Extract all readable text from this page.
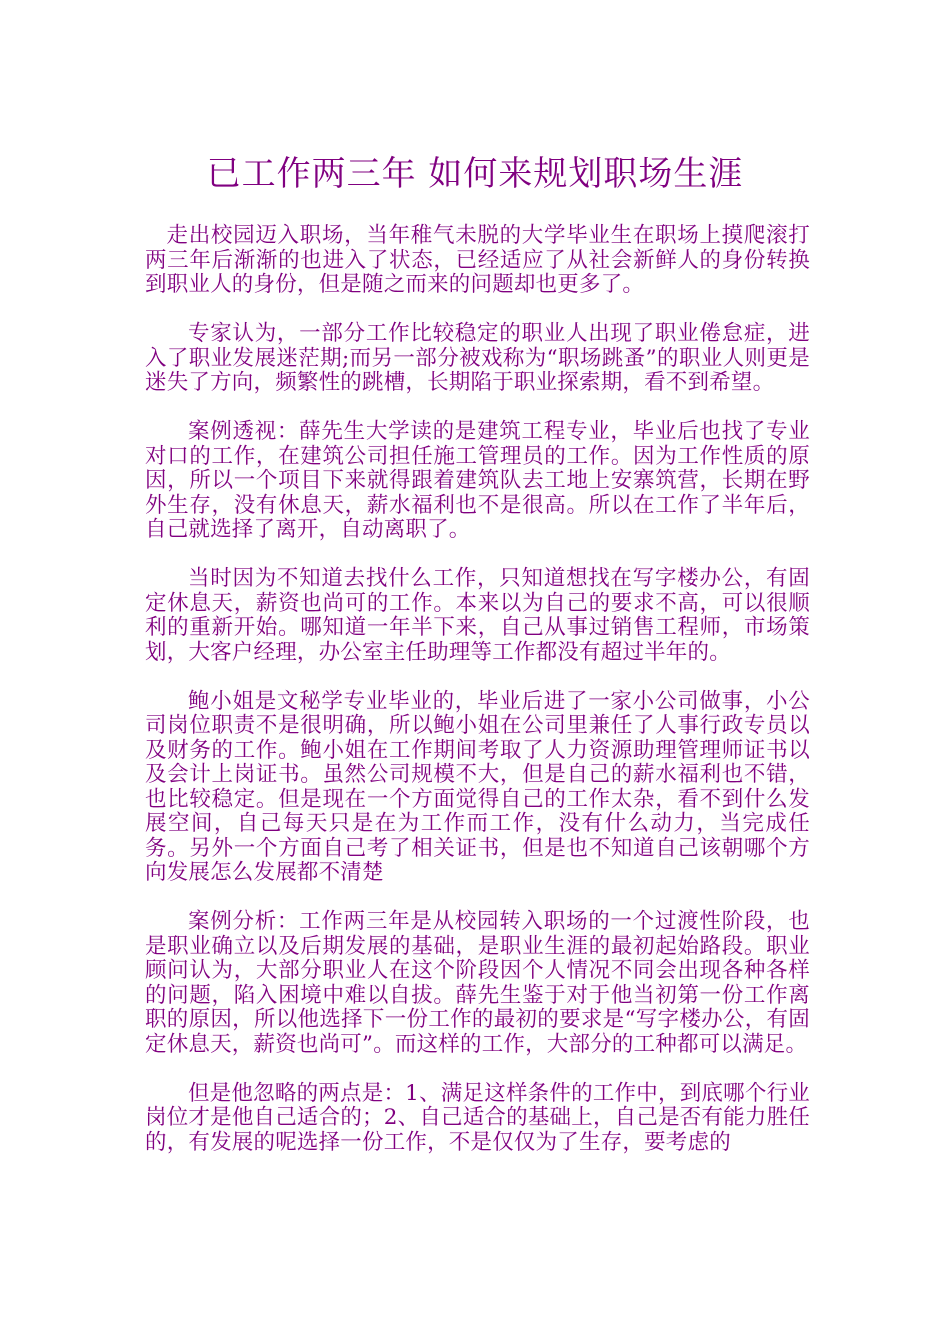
已工作两三年 如何来规划职场生涯

走出校园迈入职场，当年稚气未脱的大学毕业生在职场上摸爬滚打两三年后渐渐的也进入了状态，已经适应了从社会新鲜人的身份转换到职业人的身份，但是随之而来的问题却也更多了。

专家认为，一部分工作比较稳定的职业人出现了职业倦怠症，进入了职业发展迷茫期;而另一部分被戏称为“职场跳蚤”的职业人则更是迷失了方向，频繁性的跳槽，长期陷于职业探索期，看不到希望。

案例透视：薛先生大学读的是建筑工程专业，毕业后也找了专业对口的工作，在建筑公司担任施工管理员的工作。因为工作性质的原因，所以一个项目下来就得跟着建筑队去工地上安寨筑营，长期在野外生存，没有休息天，薪水福利也不是很高。所以在工作了半年后，自己就选择了离开，自动离职了。

当时因为不知道去找什么工作，只知道想找在写字楼办公，有固定休息天，薪资也尚可的工作。本来以为自己的要求不高，可以很顺利的重新开始。哪知道一年半下来，自己从事过销售工程师，市场策划，大客户经理，办公室主任助理等工作都没有超过半年的。

鲍小姐是文秘学专业毕业的，毕业后进了一家小公司做事，小公司岗位职责不是很明确，所以鲍小姐在公司里兼任了人事行政专员以及财务的工作。鲍小姐在工作期间考取了人力资源助理管理师证书以及会计上岗证书。虽然公司规模不大，但是自己的薪水福利也不错，也比较稳定。但是现在一个方面觉得自己的工作太杂，看不到什么发展空间，自己每天只是在为工作而工作，没有什么动力，当完成任务。另外一个方面自己考了相关证书，但是也不知道自己该朝哪个方向发展怎么发展都不清楚

案例分析：工作两三年是从校园转入职场的一个过渡性阶段，也是职业确立以及后期发展的基础，是职业生涯的最初起始路段。职业顾问认为，大部分职业人在这个阶段因个人情况不同会出现各种各样的问题，陷入困境中难以自拔。薛先生鉴于对于他当初第一份工作离职的原因，所以他选择下一份工作的最初的要求是“写字楼办公，有固定休息天，薪资也尚可”。而这样的工作，大部分的工种都可以满足。

但是他忽略的两点是：1、满足这样条件的工作中，到底哪个行业岗位才是他自己适合的；2、自己适合的基础上，自己是否有能力胜任的，有发展的呢选择一份工作，不是仅仅为了生存，要考虑的
